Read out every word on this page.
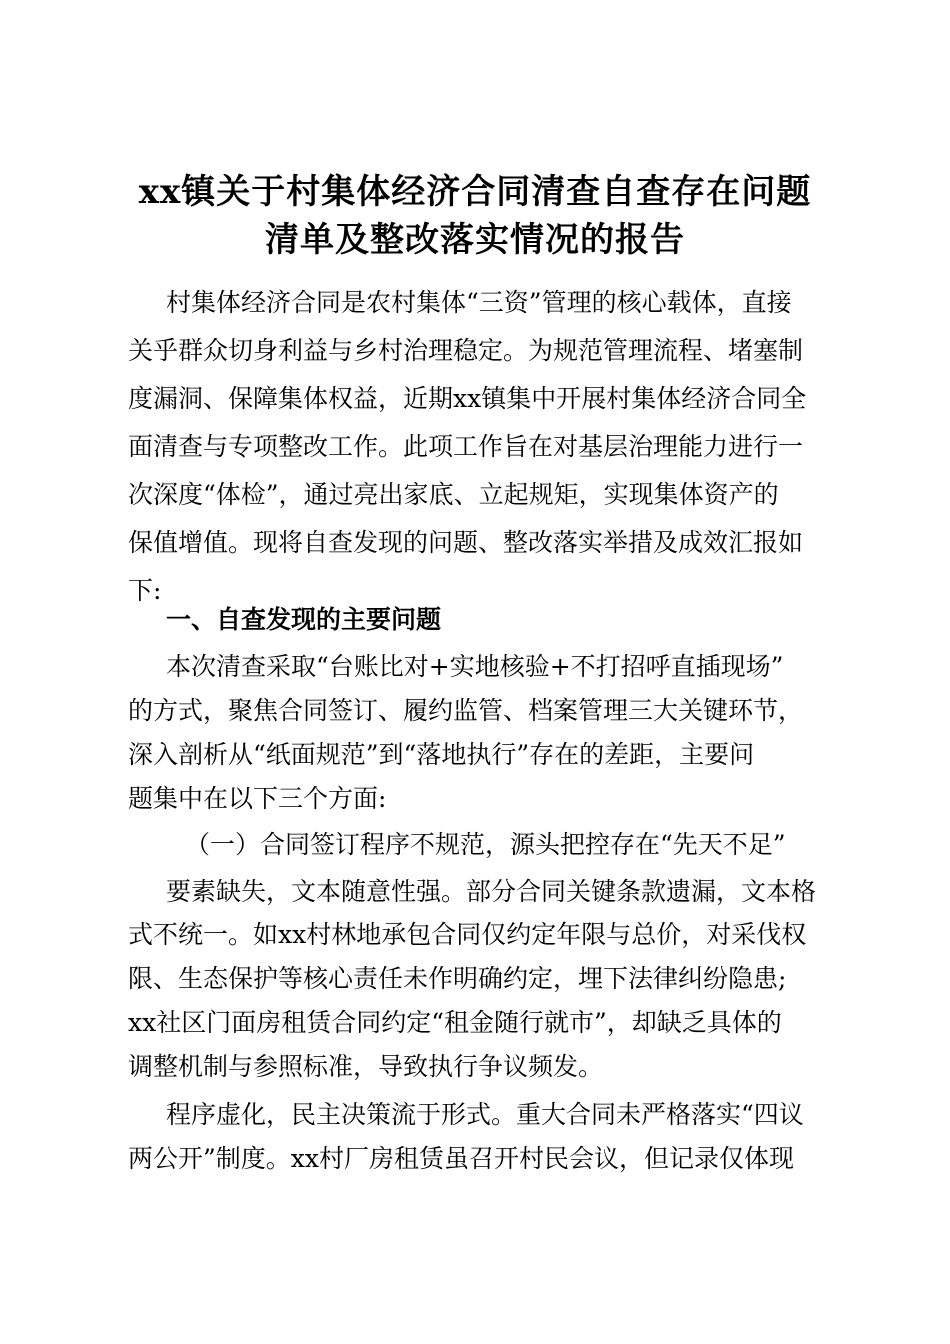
xx镇关于村集体经济合同清查自查存在问题
清单及整改落实情况的报告
村集体经济合同是农村集体“三资”管理的核心载体，直接
关乎群众切身利益与乡村治理稳定。为规范管理流程、堵塞制
度漏洞、保障集体权益，近期xx镇集中开展村集体经济合同全
面清查与专项整改工作。此项工作旨在对基层治理能力进行一
次深度“体检”，通过亮出家底、立起规矩，实现集体资产的
保值增值。现将自查发现的问题、整改落实举措及成效汇报如
下:
一、自查发现的主要问题
本次清查采取“台账比对+实地核验+不打招呼直插现场”
的方式，聚焦合同签订、履约监管、档案管理三大关键环节，
深入剖析从“纸面规范”到“落地执行”存在的差距，主要问
题集中在以下三个方面:
（一）合同签订程序不规范，源头把控存在“先天不足”
要素缺失，文本随意性强。部分合同关键条款遗漏，文本格
式不统一。如xx村林地承包合同仅约定年限与总价，对采伐权
限、生态保护等核心责任未作明确约定，埋下法律纠纷隐患;
xx社区门面房租赁合同约定“租金随行就市”，却缺乏具体的
调整机制与参照标准，导致执行争议频发。
程序虚化，民主决策流于形式。重大合同未严格落实“四议
两公开”制度。xx村厂房租赁虽召开村民会议，但记录仅体现
